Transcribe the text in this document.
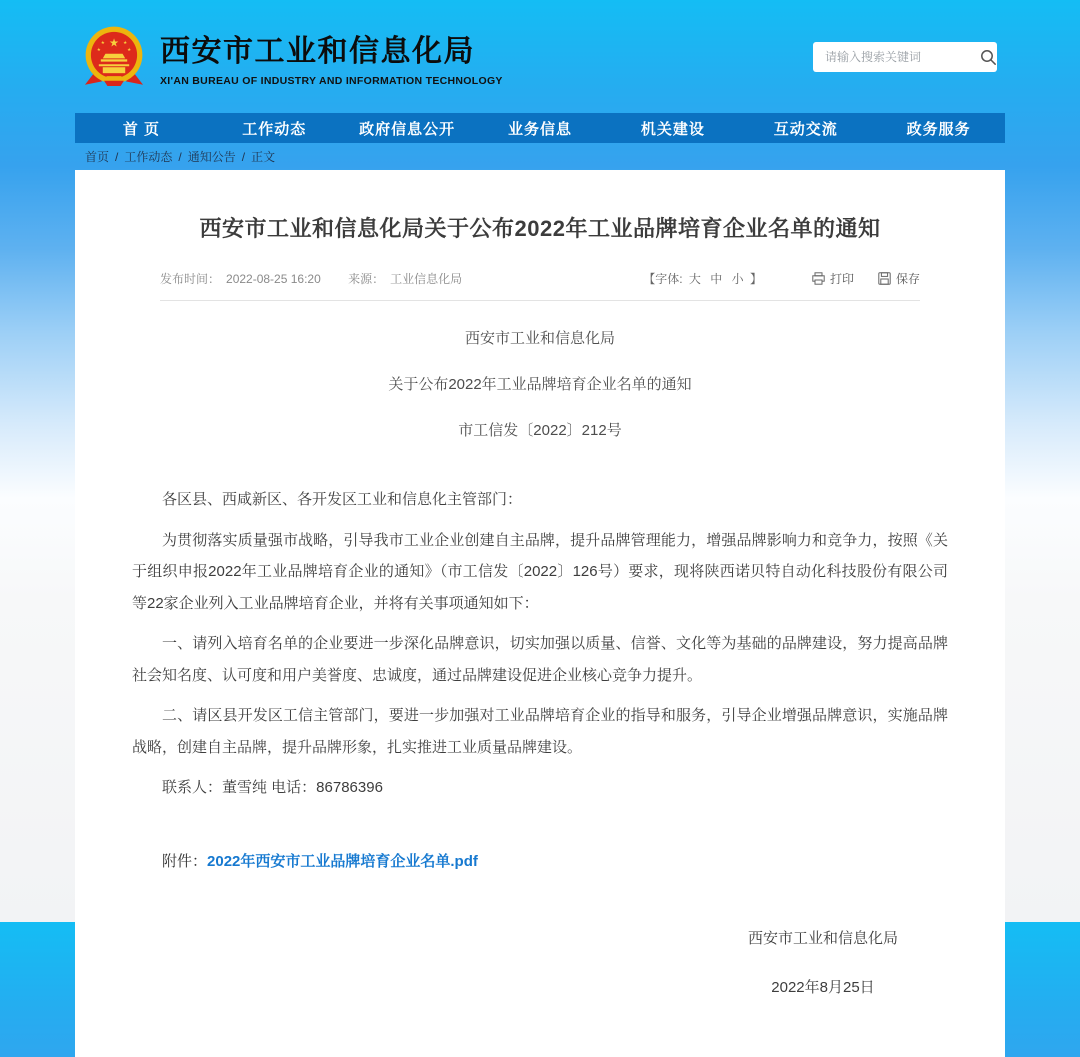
★
★	★
★	★ 西安市工业和信息化局
XI'AN BUREAU OF INDUSTRY AND INFORMATION TECHNOLOGY
请输入搜索关键词
首 页	工作动态	政府信息公开	业务信息	机关建设	互动交流	政务服务
首页 / 工作动态 / 通知公告 / 正文
西安市工业和信息化局关于公布2022年工业品牌培育企业名单的通知
发布时间： 2022-08-25 16:20 来源： 工业信息化局	【字体: 大 中 小 】	打印	保存
西安市工业和信息化局
关于公布2022年工业品牌培育企业名单的通知
市工信发〔2022〕212号

各区县、西咸新区、各开发区工业和信息化主管部门：

为贯彻落实质量强市战略，引导我市工业企业创建自主品牌，提升品牌管理能力，增强品牌影响力和竞争力，按照《关于组织申报2022年工业品牌培育企业的通知》（市工信发〔2022〕126号）要求，现将陕西诺贝特自动化科技股份有限公司等22家企业列入工业品牌培育企业，并将有关事项通知如下：

一、请列入培育名单的企业要进一步深化品牌意识，切实加强以质量、信誉、文化等为基础的品牌建设，努力提高品牌社会知名度、认可度和用户美誉度、忠诚度，通过品牌建设促进企业核心竞争力提升。

二、请区县开发区工信主管部门，要进一步加强对工业品牌培育企业的指导和服务，引导企业增强品牌意识，实施品牌战略，创建自主品牌，提升品牌形象，扎实推进工业质量品牌建设。

联系人：董雪纯 电话：86786396

附件：2022年西安市工业品牌培育企业名单.pdf
西安市工业和信息化局
2022年8月25日
